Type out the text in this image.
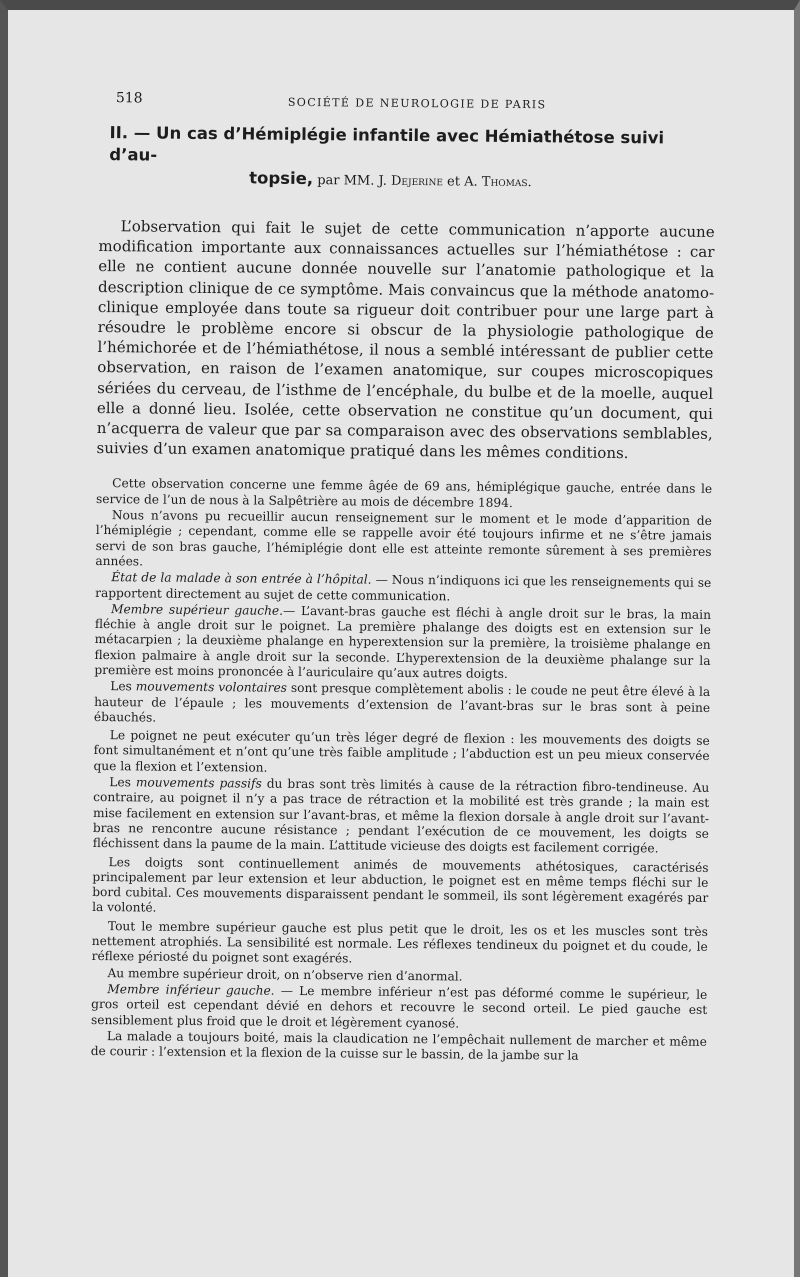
518	SOCIÉTÉ DE NEUROLOGIE DE PARIS
II. — Un cas d’Hémiplégie infantile avec Hémiathétose suivi d’au-
topsie, par MM. J. Dejerine et A. Thomas.

L’observation qui fait le sujet de cette communication n’apporte aucune modification importante aux connaissances actuelles sur l’hémiathétose : car elle ne contient aucune donnée nouvelle sur l’anatomie pathologique et la description clinique de ce symptôme. Mais convaincus que la méthode anatomo-clinique employée dans toute sa rigueur doit contribuer pour une large part à résoudre le problème encore si obscur de la physiologie pathologique de l’hémichorée et de l’hémiathétose, il nous a semblé intéressant de publier cette observation, en raison de l’examen anatomique, sur coupes microscopiques sériées du cerveau, de l’isthme de l’encéphale, du bulbe et de la moelle, auquel elle a donné lieu. Isolée, cette observation ne constitue qu’un document, qui n’acquerra de valeur que par sa comparaison avec des observations semblables, suivies d’un examen anatomique pratiqué dans les mêmes conditions.

Cette observation concerne une femme âgée de 69 ans, hémiplégique gauche, entrée dans le service de l’un de nous à la Salpêtrière au mois de décembre 1894.

Nous n’avons pu recueillir aucun renseignement sur le moment et le mode d’apparition de l’hémiplégie ; cependant, comme elle se rappelle avoir été toujours infirme et ne s’être jamais servi de son bras gauche, l’hémiplégie dont elle est atteinte remonte sûrement à ses premières années.

État de la malade à son entrée à l’hôpital. — Nous n’indiquons ici que les renseignements qui se rapportent directement au sujet de cette communication.

Membre supérieur gauche.— L’avant-bras gauche est fléchi à angle droit sur le bras, la main fléchie à angle droit sur le poignet. La première phalange des doigts est en extension sur le métacarpien ; la deuxième phalange en hyperextension sur la première, la troisième phalange en flexion palmaire à angle droit sur la seconde. L’hyperextension de la deuxième phalange sur la première est moins prononcée à l’auriculaire qu’aux autres doigts.

Les mouvements volontaires sont presque complètement abolis : le coude ne peut être élevé à la hauteur de l’épaule ; les mouvements d’extension de l’avant-bras sur le bras sont à peine ébauchés.

Le poignet ne peut exécuter qu’un très léger degré de flexion : les mouvements des doigts se font simultanément et n’ont qu’une très faible amplitude ; l’abduction est un peu mieux conservée que la flexion et l’extension.

Les mouvements passifs du bras sont très limités à cause de la rétraction fibro-tendineuse. Au contraire, au poignet il n’y a pas trace de rétraction et la mobilité est très grande ; la main est mise facilement en extension sur l’avant-bras, et même la flexion dorsale à angle droit sur l’avant-bras ne rencontre aucune résistance ; pendant l’exécution de ce mouvement, les doigts se fléchissent dans la paume de la main. L’attitude vicieuse des doigts est facilement corrigée.

Les doigts sont continuellement animés de mouvements athétosiques, caractérisés principalement par leur extension et leur abduction, le poignet est en même temps fléchi sur le bord cubital. Ces mouvements disparaissent pendant le sommeil, ils sont légèrement exagérés par la volonté.

Tout le membre supérieur gauche est plus petit que le droit, les os et les muscles sont très nettement atrophiés. La sensibilité est normale. Les réflexes tendineux du poignet et du coude, le réflexe périosté du poignet sont exagérés.

Au membre supérieur droit, on n’observe rien d’anormal.

Membre inférieur gauche. — Le membre inférieur n’est pas déformé comme le supérieur, le gros orteil est cependant dévié en dehors et recouvre le second orteil. Le pied gauche est sensiblement plus froid que le droit et légèrement cyanosé.

La malade a toujours boité, mais la claudication ne l’empêchait nullement de marcher et même de courir : l’extension et la flexion de la cuisse sur le bassin, de la jambe sur la
